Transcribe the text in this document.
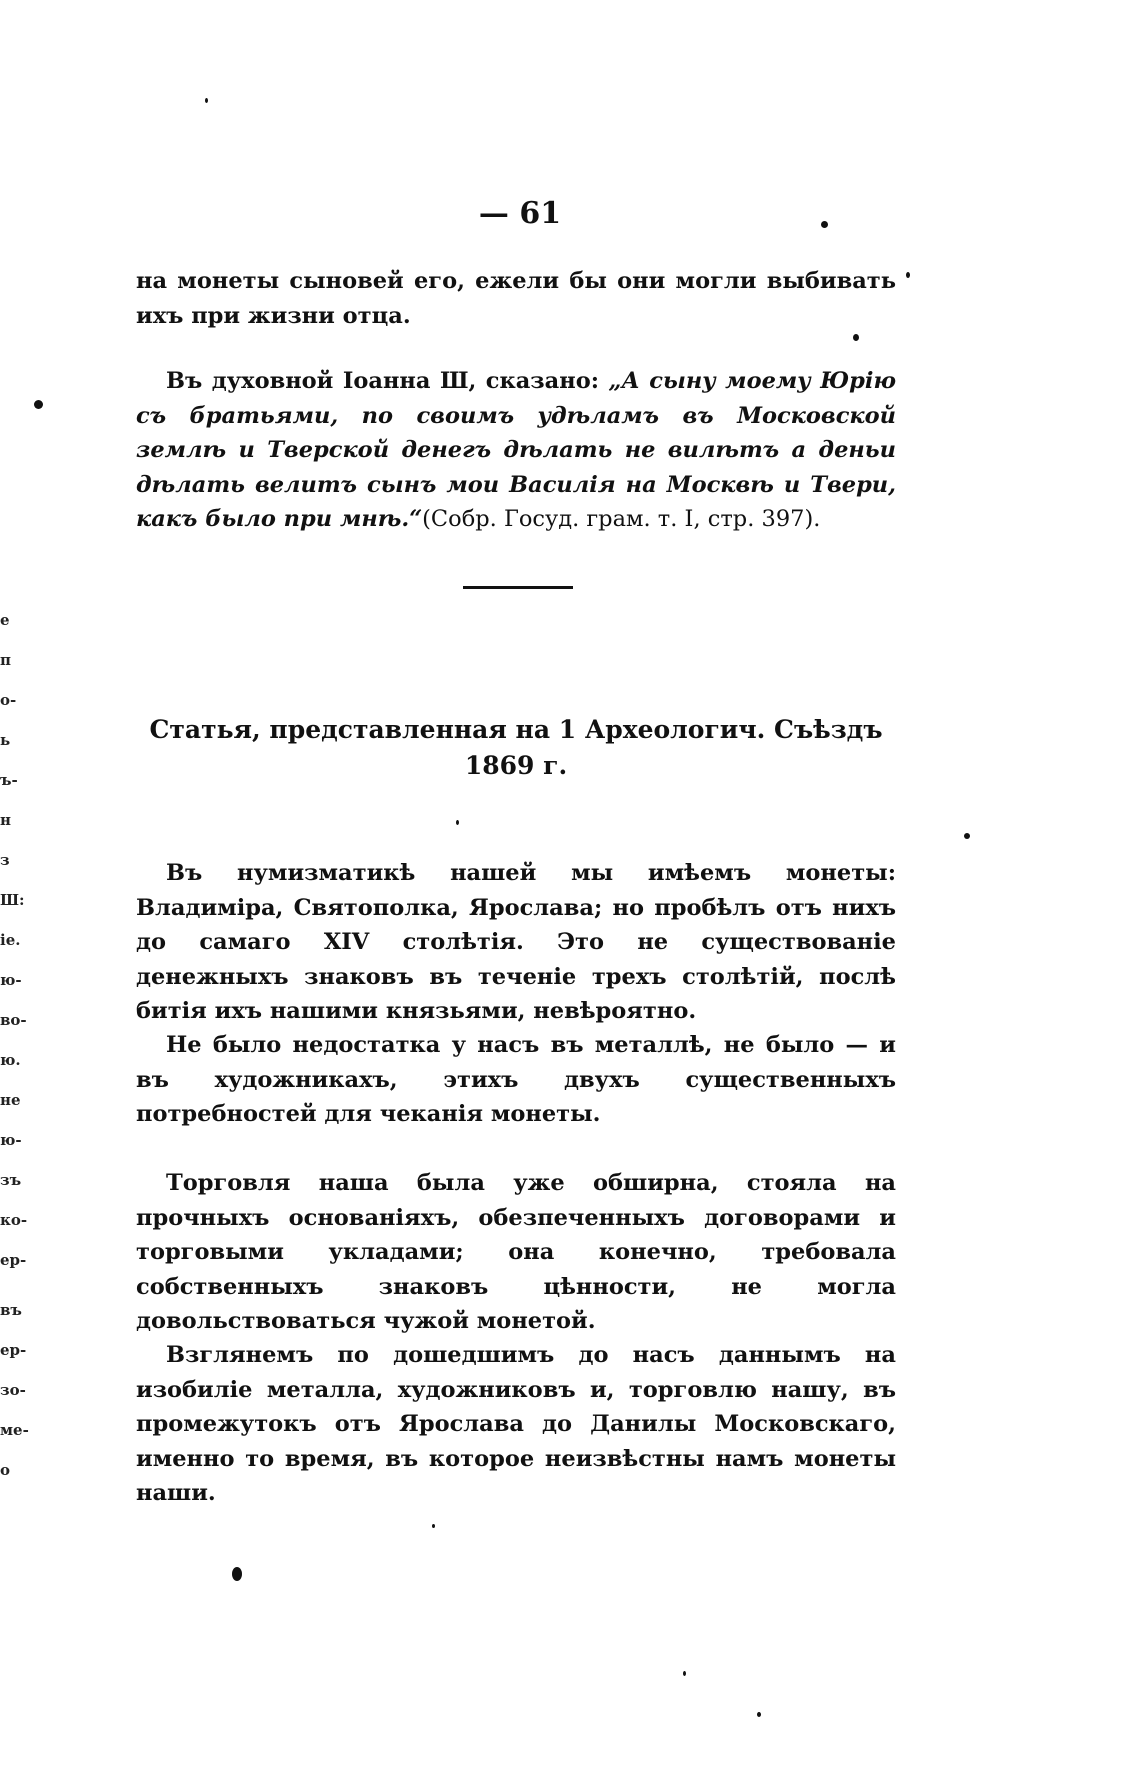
— 61

на монеты сыновей его, ежели бы они могли выбивать ихъ при жизни отца.

Въ духовной Іоанна Ш, сказано: „А сыну моему Юрію съ братьями, по своимъ удѣламъ въ Московской землѣ и Тверской денегъ дѣлать не вилѣтъ а деньи дѣлать велитъ сынъ мои Василія на Москвѣ и Твери, какъ было при мнѣ.“(Собр. Госуд. грам. т. I, стр. 397).

Статья, представленная на 1 Археологич. Съѣздъ 1869 г.

Въ нумизматикѣ нашей мы имѣемъ монеты: Владиміра, Святополка, Ярослава; но пробѣлъ отъ нихъ до самаго XIV столѣтія. Это не существованіе денежныхъ знаковъ въ теченіе трехъ столѣтій, послѣ битія ихъ нашими князьями, невѣроятно.

Не было недостатка у насъ въ металлѣ, не было — и въ художникахъ, этихъ двухъ существенныхъ потребностей для чеканія монеты.

Торговля наша была уже обширна, стояла на прочныхъ основаніяхъ, обезпеченныхъ договорами и торговыми укладами; она конечно, требовала собственныхъ знаковъ цѣнности, не могла довольствоваться чужой монетой.

Взглянемъ по дошедшимъ до насъ даннымъ на изобиліе металла, художниковъ и, торговлю нашу, въ промежутокъ отъ Ярослава до Данилы Московскаго, именно то время, въ которое неизвѣстны намъ монеты наши.

е
п
о-
ь
ъ-
н
з
Ш:
іе.
ю-
во-
ю.
не
ю-
зъ
ко-
ер-
въ
ер-
зо-
ме-
о
